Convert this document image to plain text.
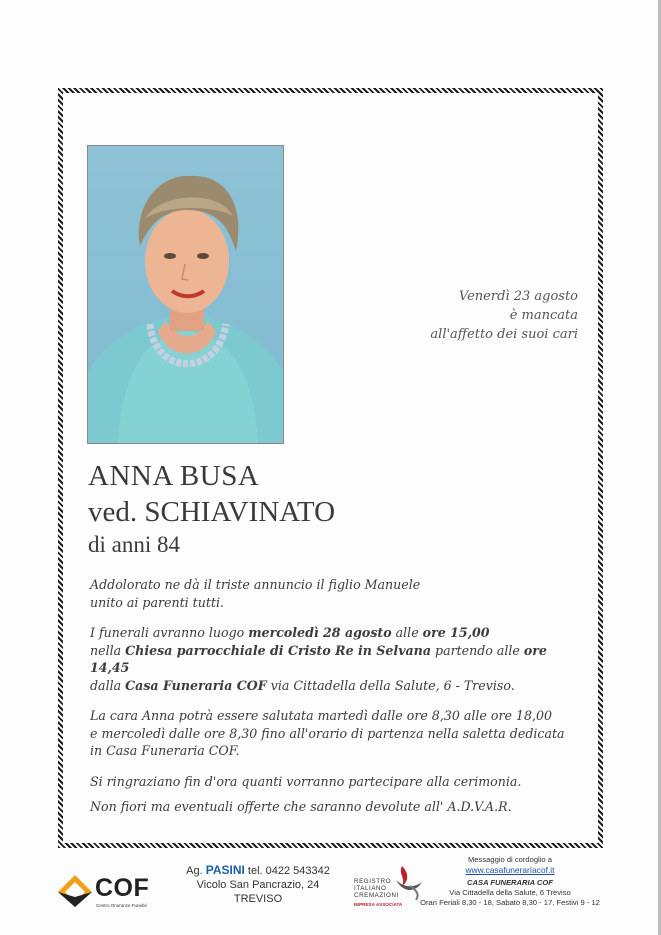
Venerdì 23 agosto
è mancata
all'affetto dei suoi cari
ANNA BUSA
ved. SCHIAVINATO
di anni 84

Addolorato ne dà il triste annuncio il figlio Manuele

unito ai parenti tutti.

I funerali avranno luogo mercoledì 28 agosto alle ore 15,00

nella Chiesa parrocchiale di Cristo Re in Selvana partendo alle ore 14,45

dalla Casa Funeraria COF via Cittadella della Salute, 6 - Treviso.

La cara Anna potrà essere salutata martedì dalle ore 8,30 alle ore 18,00

e mercoledì dalle ore 8,30 fino all'orario di partenza nella saletta dedicata

in Casa Funeraria COF.

Si ringraziano fin d'ora quanti vorranno partecipare alla cerimonia.

Non fiori ma eventuali offerte che saranno devolute all' A.D.V.A.R.

COF
Centro Onoranze Funebri
Ag. PASINI tel. 0422 543342
Vicolo San Pancrazio, 24
TREVISO
REGISTRO
ITALIANO
CREMAZIONI
IMPRESA ASSOCIATA
Messaggio di cordoglio a
www.casafuneraríacof.it
CASA FUNERARIA COF
Via Cittadella della Salute, 6 Treviso
Orari Feriali 8,30 - 18, Sabato 8,30 - 17, Festivi 9 - 12
